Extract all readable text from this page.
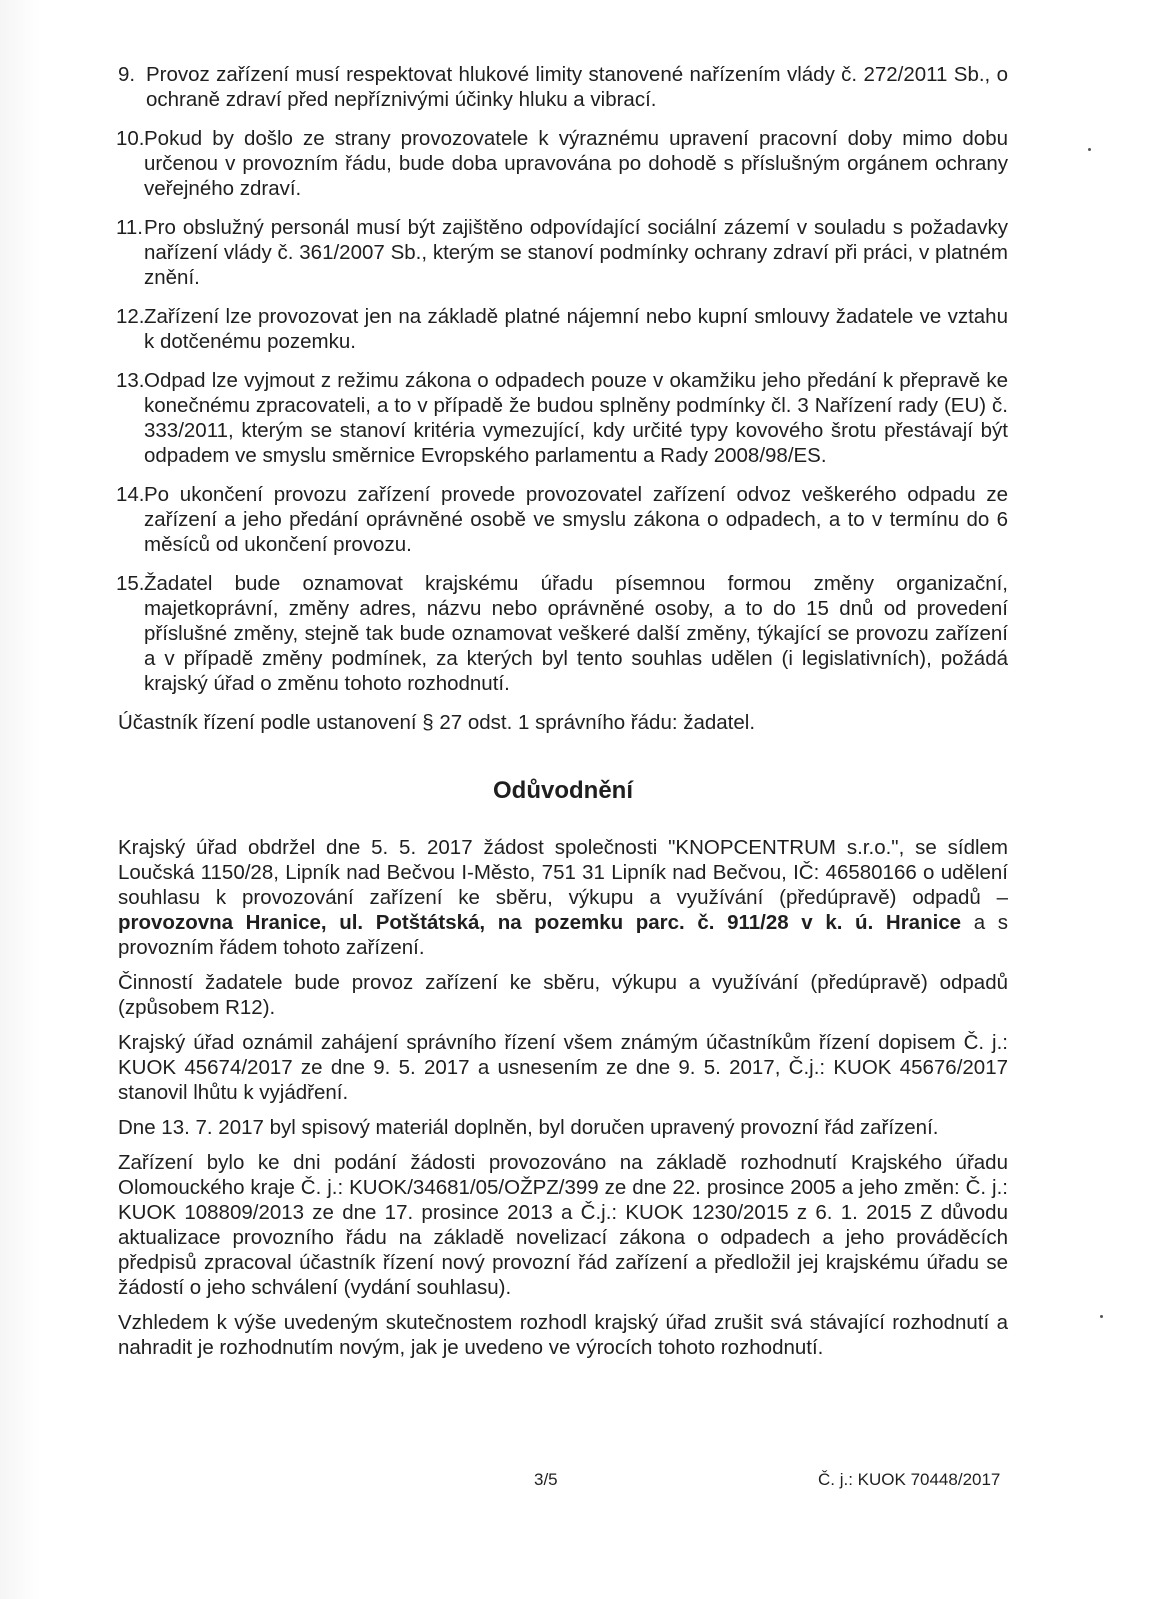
9. Provoz zařízení musí respektovat hlukové limity stanovené nařízením vlády č. 272/2011 Sb., o ochraně zdraví před nepříznivými účinky hluku a vibrací.
10. Pokud by došlo ze strany provozovatele k výraznému upravení pracovní doby mimo dobu určenou v provozním řádu, bude doba upravována po dohodě s příslušným orgánem ochrany veřejného zdraví.
11. Pro obslužný personál musí být zajištěno odpovídající sociální zázemí v souladu s požadavky nařízení vlády č. 361/2007 Sb., kterým se stanoví podmínky ochrany zdraví při práci, v platném znění.
12. Zařízení lze provozovat jen na základě platné nájemní nebo kupní smlouvy žadatele ve vztahu k dotčenému pozemku.
13. Odpad lze vyjmout z režimu zákona o odpadech pouze v okamžiku jeho předání k přepravě ke konečnému zpracovateli, a to v případě že budou splněny podmínky čl. 3 Nařízení rady (EU) č. 333/2011, kterým se stanoví kritéria vymezující, kdy určité typy kovového šrotu přestávají být odpadem ve smyslu směrnice Evropského parlamentu a Rady 2008/98/ES.
14. Po ukončení provozu zařízení provede provozovatel zařízení odvoz veškerého odpadu ze zařízení a jeho předání oprávněné osobě ve smyslu zákona o odpadech, a to v termínu do 6 měsíců od ukončení provozu.
15. Žadatel bude oznamovat krajskému úřadu písemnou formou změny organizační, majetkoprávní, změny adres, názvu nebo oprávněné osoby, a to do 15 dnů od provedení příslušné změny, stejně tak bude oznamovat veškeré další změny, týkající se provozu zařízení a v případě změny podmínek, za kterých byl tento souhlas udělen (i legislativních), požádá krajský úřad o změnu tohoto rozhodnutí.

Účastník řízení podle ustanovení § 27 odst. 1 správního řádu: žadatel.

Odůvodnění

Krajský úřad obdržel dne 5. 5. 2017 žádost společnosti "KNOPCENTRUM s.r.o.", se sídlem Loučská 1150/28, Lipník nad Bečvou I-Město, 751 31 Lipník nad Bečvou, IČ: 46580166 o udělení souhlasu k provozování zařízení ke sběru, výkupu a využívání (předúpravě) odpadů – provozovna Hranice, ul. Potštátská, na pozemku parc. č. 911/28 v k. ú. Hranice a s provozním řádem tohoto zařízení.

Činností žadatele bude provoz zařízení ke sběru, výkupu a využívání (předúpravě) odpadů (způsobem R12).

Krajský úřad oznámil zahájení správního řízení všem známým účastníkům řízení dopisem Č. j.: KUOK 45674/2017 ze dne 9. 5. 2017 a usnesením ze dne 9. 5. 2017, Č.j.: KUOK 45676/2017 stanovil lhůtu k vyjádření.

Dne 13. 7. 2017 byl spisový materiál doplněn, byl doručen upravený provozní řád zařízení.

Zařízení bylo ke dni podání žádosti provozováno na základě rozhodnutí Krajského úřadu Olomouckého kraje Č. j.: KUOK/34681/05/OŽPZ/399 ze dne 22. prosince 2005 a jeho změn: Č. j.: KUOK 108809/2013 ze dne 17. prosince 2013 a Č.j.: KUOK 1230/2015 z 6. 1. 2015 Z důvodu aktualizace provozního řádu na základě novelizací zákona o odpadech a jeho prováděcích předpisů zpracoval účastník řízení nový provozní řád zařízení a předložil jej krajskému úřadu se žádostí o jeho schválení (vydání souhlasu).

Vzhledem k výše uvedeným skutečnostem rozhodl krajský úřad zrušit svá stávající rozhodnutí a nahradit je rozhodnutím novým, jak je uvedeno ve výrocích tohoto rozhodnutí.

3/5	Č. j.: KUOK 70448/2017
